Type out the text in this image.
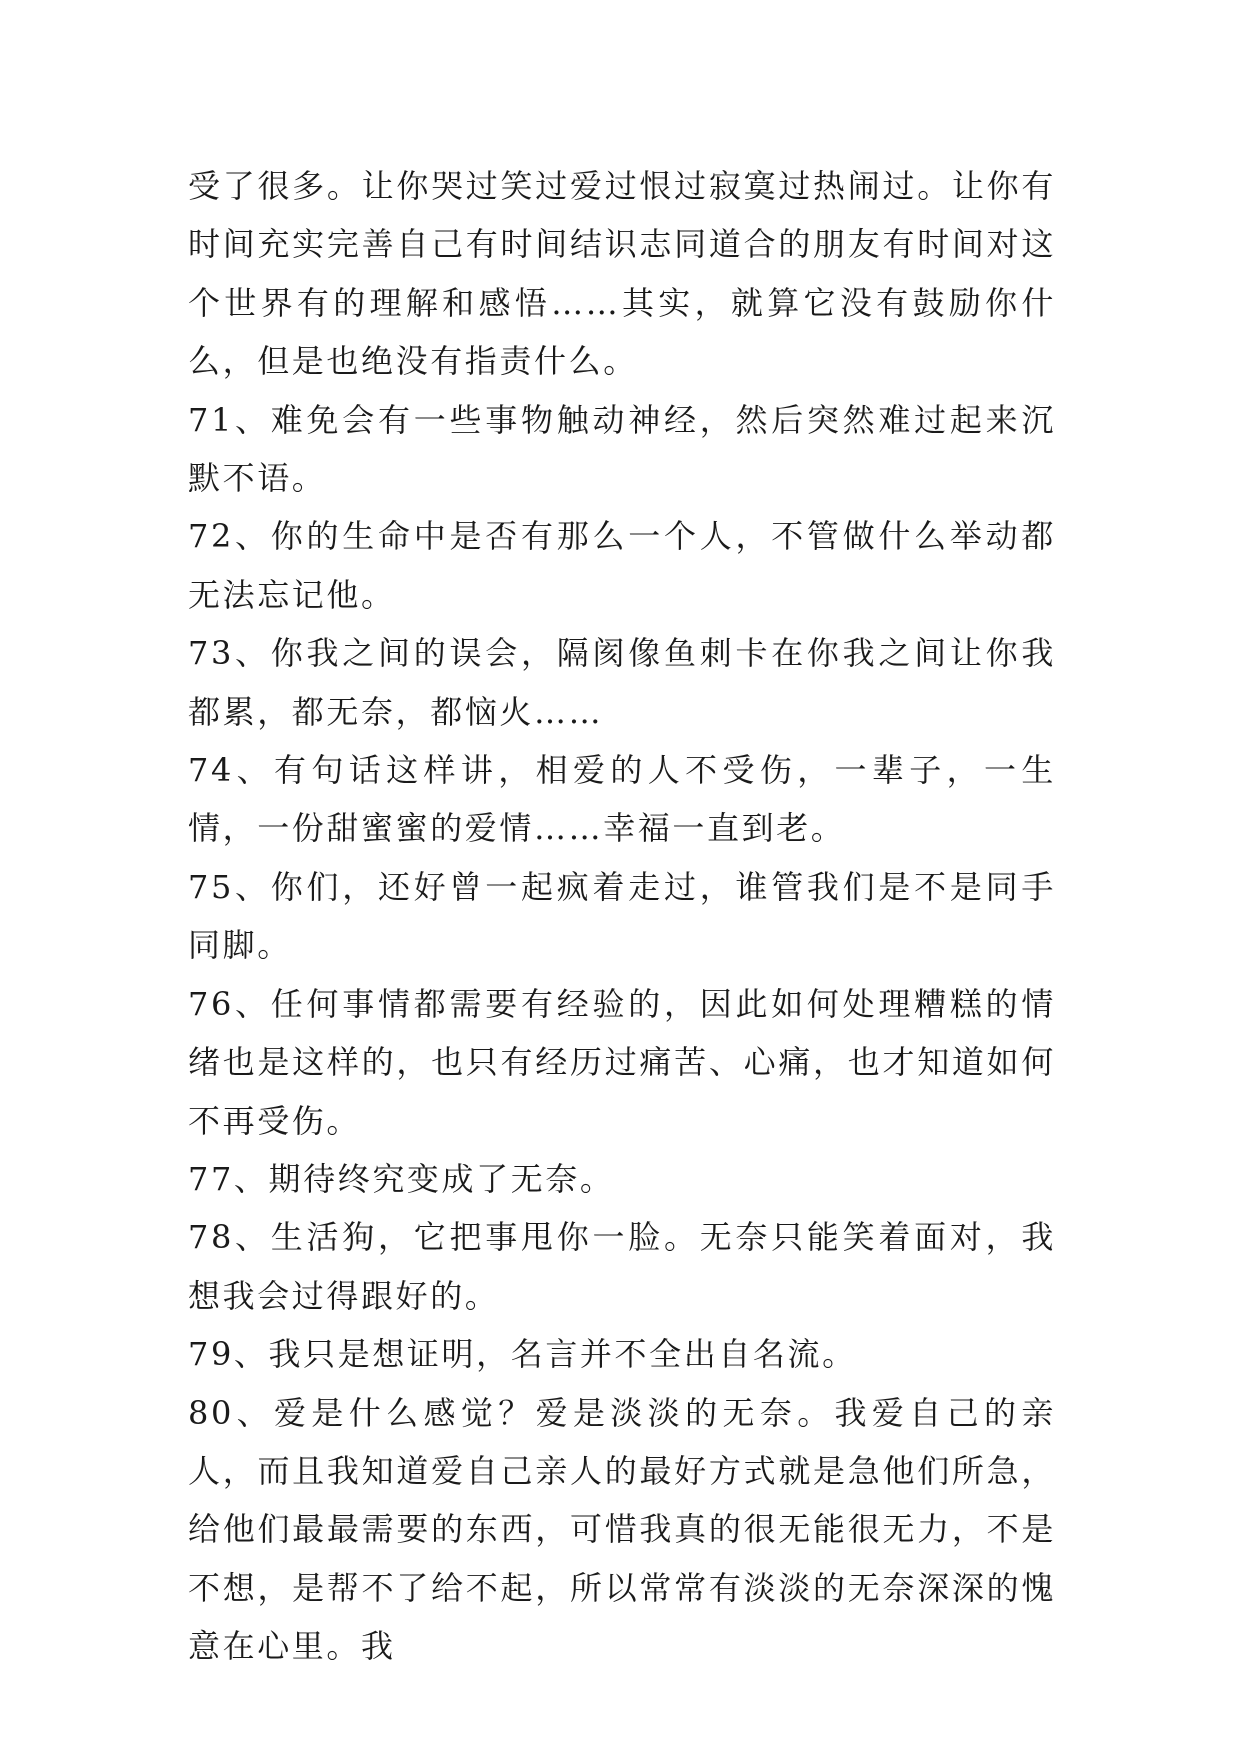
受了很多。让你哭过笑过爱过恨过寂寞过热闹过。让你有时间充实完善自己有时间结识志同道合的朋友有时间对这个世界有的理解和感悟……其实，就算它没有鼓励你什么，但是也绝没有指责什么。

71、难免会有一些事物触动神经，然后突然难过起来沉默不语。

72、你的生命中是否有那么一个人，不管做什么举动都无法忘记他。

73、你我之间的误会，隔阂像鱼刺卡在你我之间让你我都累，都无奈，都恼火……

74、有句话这样讲，相爱的人不受伤，一辈子，一生情，一份甜蜜蜜的爱情……幸福一直到老。

75、你们，还好曾一起疯着走过，谁管我们是不是同手同脚。

76、任何事情都需要有经验的，因此如何处理糟糕的情绪也是这样的，也只有经历过痛苦、心痛，也才知道如何不再受伤。

77、期待终究变成了无奈。

78、生活狗，它把事甩你一脸。无奈只能笑着面对，我想我会过得跟好的。

79、我只是想证明，名言并不全出自名流。

80、爱是什么感觉？爱是淡淡的无奈。我爱自己的亲人，而且我知道爱自己亲人的最好方式就是急他们所急，给他们最最需要的东西，可惜我真的很无能很无力，不是不想，是帮不了给不起，所以常常有淡淡的无奈深深的愧意在心里。我
